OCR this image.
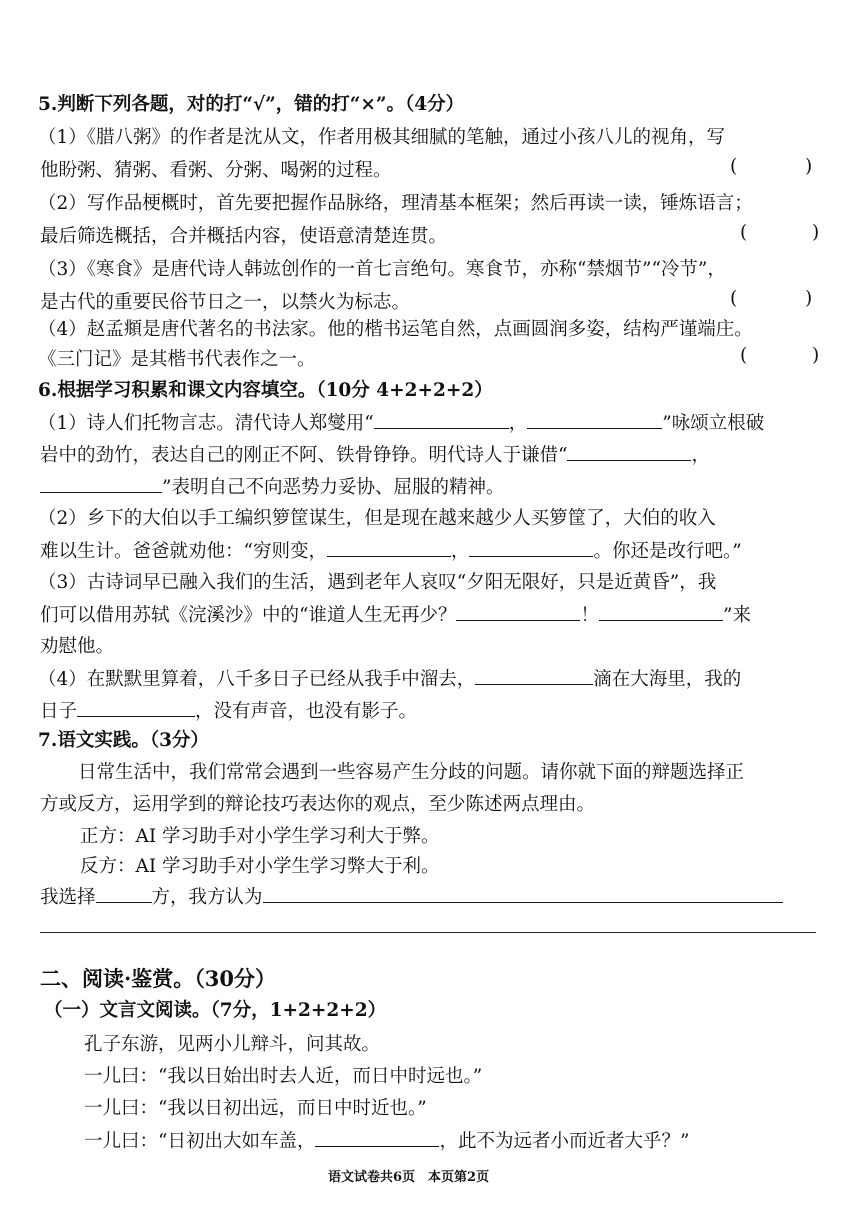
5.判断下列各题，对的打“√”，错的打“×”。（4分）
（1）《腊八粥》的作者是沈从文，作者用极其细腻的笔触，通过小孩八儿的视角，写
他盼粥、猜粥、看粥、分粥、喝粥的过程。	(	)
（2）写作品梗概时，首先要把握作品脉络，理清基本框架；然后再读一读，锤炼语言；
最后筛选概括，合并概括内容，使语意清楚连贯。	(	)
（3）《寒食》是唐代诗人韩竑创作的一首七言绝句。寒食节，亦称“禁烟节”“冷节”，
是古代的重要民俗节日之一，以禁火为标志。	(	)
（4）赵孟頫是唐代著名的书法家。他的楷书运笔自然，点画圆润多姿，结构严谨端庄。
《三门记》是其楷书代表作之一。	(	)
6.根据学习积累和课文内容填空。（10分 4+2+2+2）
（1）诗人们托物言志。清代诗人郑燮用“	，	”咏颂立根破
岩中的劲竹，表达自己的刚正不阿、铁骨铮铮。明代诗人于谦借“	，
”表明自己不向恶势力妥协、屈服的精神。
（2）乡下的大伯以手工编织箩筐谋生，但是现在越来越少人买箩筐了，大伯的收入
难以生计。爸爸就劝他：“穷则变，	，	。你还是改行吧。”
（3）古诗词早已融入我们的生活，遇到老年人哀叹“夕阳无限好，只是近黄昏”，我
们可以借用苏轼《浣溪沙》中的“谁道人生无再少？	！	”来
劝慰他。
（4）在默默里算着，八千多日子已经从我手中溜去，	滴在大海里，我的
日子	，没有声音，也没有影子。
7.语文实践。（3分）
日常生活中，我们常常会遇到一些容易产生分歧的问题。请你就下面的辩题选择正
方或反方，运用学到的辩论技巧表达你的观点，至少陈述两点理由。
正方：AI 学习助手对小学生学习利大于弊。
反方：AI 学习助手对小学生学习弊大于利。
我选择	方，我方认为
二、阅读·鉴赏。（30分）
（一）文言文阅读。（7分，1+2+2+2）
孔子东游，见两小儿辩斗，问其故。
一儿曰：“我以日始出时去人近，而日中时远也。”
一儿曰：“我以日初出远，而日中时近也。”
一儿曰：“日初出大如车盖，	，此不为远者小而近者大乎？”
语文试卷共6页　本页第2页
